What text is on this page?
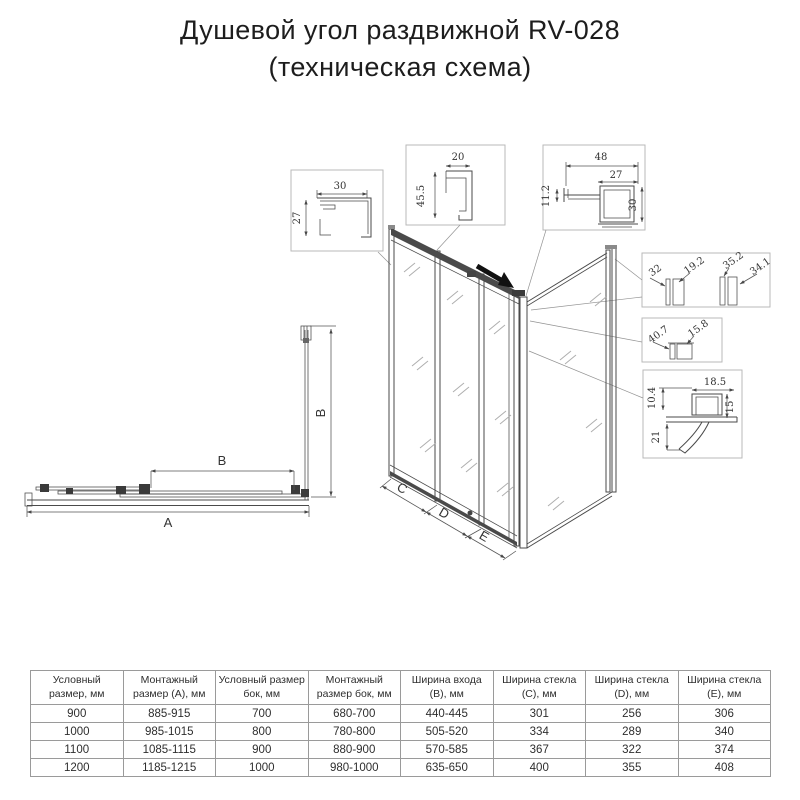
Душевой угол раздвижной RV-028
(техническая схема)
30
27
20
45.5
48
27
11.2	30
32 19.2 35.2 34.1
40.7 15.8
10.4
18.5
15
21
C
D
E
B
B
A
Условный размер, мм	Монтажный размер (А), мм	Условный размер бок, мм	Монтажный размер бок, мм	Ширина входа (В), мм	Ширина стекла (С), мм	Ширина стекла (D), мм	Ширина стекла (Е), мм
900	885-915	700	680-700	440-445	301	256	306
1000	985-1015	800	780-800	505-520	334	289	340
1100	1085-1115	900	880-900	570-585	367	322	374
1200	1185-1215	1000	980-1000	635-650	400	355	408
